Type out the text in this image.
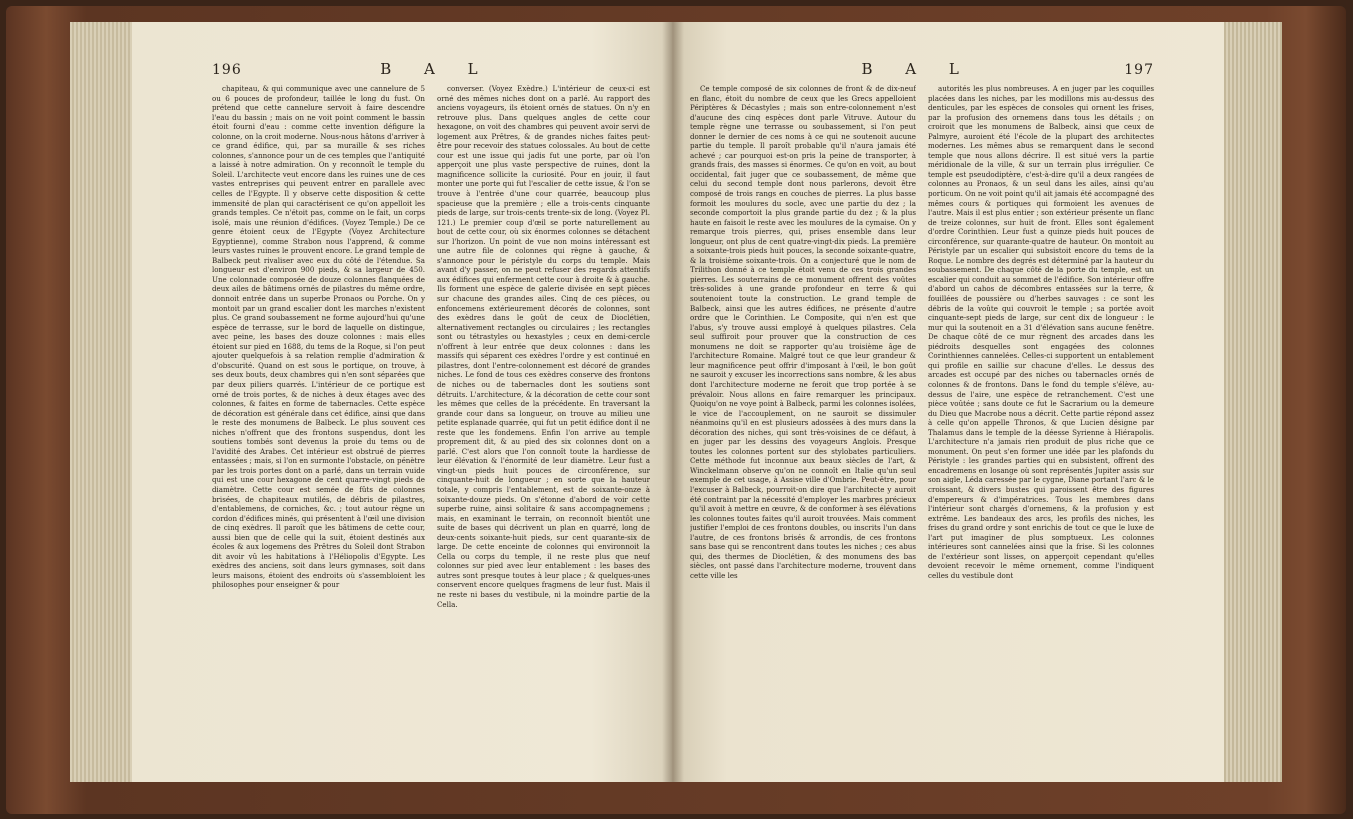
196	B A L

chapiteau, & qui communique avec une cannelure de 5 ou 6 pouces de profondeur, taillée le long du fust. On prétend que cette cannelure servoit à faire descendre l'eau du bassin ; mais on ne voit point comment le bassin étoit fourni d'eau : comme cette invention défigure la colonne, on la croit moderne. Nous-nous hâtons d'arriver à ce grand édifice, qui, par sa muraille & ses riches colonnes, s'annonce pour un de ces temples que l'antiquité a laissé à notre admiration. On y reconnoît le temple du Soleil. L'architecte veut encore dans les ruines une de ces vastes entreprises qui peuvent entrer en parallele avec celles de l'Egypte. Il y observe cette disposition & cette immensité de plan qui caractérisent ce qu'on appelloit les grands temples. Ce n'étoit pas, comme on le fait, un corps isolé, mais une réunion d'édifices. (Voyez Temple.) De ce genre étoient ceux de l'Egypte (Voyez Architecture Egyptienne), comme Strabon nous l'apprend, & comme leurs vastes ruines le prouvent encore. Le grand temple de Balbeck peut rivaliser avec eux du côté de l'étendue. Sa longueur est d'environ 900 pieds, & sa largeur de 450. Une colonnade composée de douze colonnes flanquées de deux ailes de bâtimens ornés de pilastres du même ordre, donnoit entrée dans un superbe Pronaos ou Porche. On y montoit par un grand escalier dont les marches n'existent plus. Ce grand soubassement ne forme aujourd'hui qu'une espèce de terrasse, sur le bord de laquelle on distingue, avec peine, les bases des douze colonnes : mais elles étoient sur pied en 1688, du tems de la Roque, si l'on peut ajouter quelquefois à sa relation remplie d'admiration & d'obscurité. Quand on est sous le portique, on trouve, à ses deux bouts, deux chambres qui n'en sont séparées que par deux piliers quarrés. L'intérieur de ce portique est orné de trois portes, & de niches à deux étages avec des colonnes, & faites en forme de tabernacles. Cette espèce de décoration est générale dans cet édifice, ainsi que dans le reste des monumens de Balbeck. Le plus souvent ces niches n'offrent que des frontons suspendus, dont les soutiens tombés sont devenus la proie du tems ou de l'avidité des Arabes. Cet intérieur est obstrué de pierres entassées ; mais, si l'on en surmonte l'obstacle, on pénètre par les trois portes dont on a parlé, dans un terrain vuide qui est une cour hexagone de cent quarre-vingt pieds de diamètre. Cette cour est semée de fûts de colonnes brisées, de chapiteaux mutilés, de débris de pilastres, d'entablemens, de corniches, &c. ; tout autour règne un cordon d'édifices minés, qui présentent à l'œil une division de cinq exèdres. Il paroît que les bâtimens de cette cour, aussi bien que de celle qui la suit, étoient destinés aux écoles & aux logemens des Prêtres du Soleil dont Strabon dit avoir vû les habitations à l'Héliopolis d'Egypte. Les exèdres des anciens, soit dans leurs gymnases, soit dans leurs maisons, étoient des endroits où s'assembloient les philosophes pour enseigner & pour

converser. (Voyez Exèdre.) L'intérieur de ceux-ci est orné des mêmes niches dont on a parlé. Au rapport des anciens voyageurs, ils étoient ornés de statues. On n'y en retrouve plus. Dans quelques angles de cette cour hexagone, on voit des chambres qui peuvent avoir servi de logement aux Prêtres, & de grandes niches faites peut-être pour recevoir des statues colossales. Au bout de cette cour est une issue qui jadis fut une porte, par où l'on apperçoit une plus vaste perspective de ruines, dont la magnificence sollicite la curiosité. Pour en jouir, il faut monter une porte qui fut l'escalier de cette issue, & l'on se trouve à l'entrée d'une cour quarrée, beaucoup plus spacieuse que la première ; elle a trois-cents cinquante pieds de large, sur trois-cents trente-six de long. (Voyez Pl. 121.) Le premier coup d'œil se porte naturellement au bout de cette cour, où six énormes colonnes se détachent sur l'horizon. Un point de vue non moins intéressant est une autre file de colonnes qui règne à gauche, & s'annonce pour le péristyle du corps du temple. Mais avant d'y passer, on ne peut refuser des regards attentifs aux édifices qui enferment cette cour à droite & à gauche. Ils forment une espèce de galerie divisée en sept pièces sur chacune des grandes ailes. Cinq de ces pièces, ou enfoncemens extérieurement décorés de colonnes, sont des exèdres dans le goût de ceux de Dioclétien, alternativement rectangles ou circulaires ; les rectangles sont ou tétrastyles ou hexastyles ; ceux en demi-cercle n'offrent à leur entrée que deux colonnes : dans les massifs qui séparent ces exèdres l'ordre y est continué en pilastres, dont l'entre-colonnement est décoré de grandes niches. Le fond de tous ces exèdres conserve des frontons de niches ou de tabernacles dont les soutiens sont détruits. L'architecture, & la décoration de cette cour sont les mêmes que celles de la précédente. En traversant la grande cour dans sa longueur, on trouve au milieu une petite esplanade quarrée, qui fut un petit édifice dont il ne reste que les fondemens. Enfin l'on arrive au temple proprement dit, & au pied des six colonnes dont on a parlé. C'est alors que l'on connoît toute la hardiesse de leur élévation & l'énormité de leur diamètre. Leur fust a vingt-un pieds huit pouces de circonférence, sur cinquante-huit de longueur ; en sorte que la hauteur totale, y compris l'entablement, est de soixante-onze à soixante-douze pieds. On s'étonne d'abord de voir cette superbe ruine, ainsi solitaire & sans accompagnemens ; mais, en examinant le terrain, on reconnoît bientôt une suite de bases qui décrivent un plan en quarré, long de deux-cents soixante-huit pieds, sur cent quarante-six de large. De cette enceinte de colonnes qui environnoit la Cella ou corps du temple, il ne reste plus que neuf colonnes sur pied avec leur entablement : les bases des autres sont presque toutes à leur place ; & quelques-unes conservent encore quelques fragmens de leur fust. Mais il ne reste ni bases du vestibule, ni la moindre partie de la Cella.

B A L	197

Ce temple composé de six colonnes de front & de dix-neuf en flanc, étoit du nombre de ceux que les Grecs appelloient Périptères & Décastyles ; mais son entre-colonnement n'est d'aucune des cinq espèces dont parle Vitruve. Autour du temple règne une terrasse ou soubassement, si l'on peut donner le dernier de ces noms à ce qui ne soutenoit aucune partie du temple. Il paroît probable qu'il n'aura jamais été achevé ; car pourquoi est-on pris la peine de transporter, à grands frais, des masses si énormes. Ce qu'on en voit, au bout occidental, fait juger que ce soubassement, de même que celui du second temple dont nous parlerons, devoit être composé de trois rangs en couches de pierres. La plus basse formoit les moulures du socle, avec une partie du dez ; la seconde comportoit la plus grande partie du dez ; & la plus haute en faisoit le reste avec les moulures de la cymaise. On y remarque trois pierres, qui, prises ensemble dans leur longueur, ont plus de cent quatre-vingt-dix pieds. La première a soixante-trois pieds huit pouces, la seconde soixante-quatre, & la troisième soixante-trois. On a conjecturé que le nom de Trilithon donné à ce temple étoit venu de ces trois grandes pierres. Les souterrains de ce monument offrent des voûtes très-solides à une grande profondeur en terre & qui soutenoient toute la construction. Le grand temple de Balbeck, ainsi que les autres édifices, ne présente d'autre ordre que le Corinthien. Le Composite, qui n'en est que l'abus, s'y trouve aussi employé à quelques pilastres. Cela seul suffiroit pour prouver que la construction de ces monumens ne doit se rapporter qu'au troisième âge de l'architecture Romaine. Malgré tout ce que leur grandeur & leur magnificence peut offrir d'imposant à l'œil, le bon goût ne sauroit y excuser les incorrections sans nombre, & les abus dont l'architecture moderne ne feroit que trop portée à se prévaloir. Nous allons en faire remarquer les principaux. Quoiqu'on ne voye point à Balbeck, parmi les colonnes isolées, le vice de l'accouplement, on ne sauroit se dissimuler néanmoins qu'il en est plusieurs adossées à des murs dans la décoration des niches, qui sont très-voisines de ce défaut, à en juger par les dessins des voyageurs Anglois. Presque toutes les colonnes portent sur des stylobates particuliers. Cette méthode fut inconnue aux beaux siècles de l'art, & Winckelmann observe qu'on ne connoît en Italie qu'un seul exemple de cet usage, à Assise ville d'Ombrie. Peut-être, pour l'excuser à Balbeck, pourroit-on dire que l'architecte y auroit été contraint par la nécessité d'employer les marbres précieux qu'il avoit à mettre en œuvre, & de conformer à ses élévations les colonnes toutes faites qu'il auroit trouvées. Mais comment justifier l'emploi de ces frontons doubles, ou inscrits l'un dans l'autre, de ces frontons brisés & arrondis, de ces frontons sans base qui se rencontrent dans toutes les niches ; ces abus qui, des thermes de Dioclétien, & des monumens des bas siècles, ont passé dans l'architecture moderne, trouvent dans cette ville les

autorités les plus nombreuses. A en juger par les coquilles placées dans les niches, par les modillons mis au-dessus des denticules, par les espèces de consoles qui ornent les frises, par la profusion des ornemens dans tous les détails ; on croiroit que les monumens de Balbeck, ainsi que ceux de Palmyre, auroient été l'école de la plupart des architectes modernes. Les mêmes abus se remarquent dans le second temple que nous allons décrire. Il est situé vers la partie méridionale de la ville, & sur un terrain plus irrégulier. Ce temple est pseudodiptère, c'est-à-dire qu'il a deux rangées de colonnes au Pronaos, & un seul dans les ailes, ainsi qu'au porticum. On ne voit point qu'il ait jamais été accompagné des mêmes cours & portiques qui formoient les avenues de l'autre. Mais il est plus entier ; son extérieur présente un flanc de treize colonnes, sur huit de front. Elles sont également d'ordre Corinthien. Leur fust a quinze pieds huit pouces de circonférence, sur quarante-quatre de hauteur. On montoit au Péristyle par un escalier qui subsistoit encore du tems de la Roque. Le nombre des degrés est déterminé par la hauteur du soubassement. De chaque côté de la porte du temple, est un escalier qui conduit au sommet de l'édifice. Son intérieur offre d'abord un cahos de décombres entassées sur la terre, & fouillées de poussière ou d'herbes sauvages : ce sont les débris de la voûte qui couvroit le temple ; sa portée avoit cinquante-sept pieds de large, sur cent dix de longueur : le mur qui la soutenoit en a 31 d'élévation sans aucune fenêtre. De chaque côté de ce mur règnent des arcades dans les piédroits desquelles sont engagées des colonnes Corinthiennes cannelées. Celles-ci supportent un entablement qui profile en saillie sur chacune d'elles. Le dessus des arcades est occupé par des niches ou tabernacles ornés de colonnes & de frontons. Dans le fond du temple s'élève, au-dessus de l'aire, une espèce de retranchement. C'est une pièce voûtée ; sans doute ce fut le Sacrarium ou la demeure du Dieu que Macrobe nous a décrit. Cette partie répond assez à celle qu'on appelle Thronos, & que Lucien désigne par Thalamus dans le temple de la déesse Syrienne à Hiérapolis. L'architecture n'a jamais rien produit de plus riche que ce monument. On peut s'en former une idée par les plafonds du Péristyle : les grandes parties qui en subsistent, offrent des encadremens en losange où sont représentés Jupiter assis sur son aigle, Léda caressée par le cygne, Diane portant l'arc & le croissant, & divers bustes qui paroissent être des figures d'empereurs & d'impératrices. Tous les membres dans l'intérieur sont chargés d'ornemens, & la profusion y est extrême. Les bandeaux des arcs, les profils des niches, les frises du grand ordre y sont enrichis de tout ce que le luxe de l'art put imaginer de plus somptueux. Les colonnes intérieures sont cannelées ainsi que la frise. Si les colonnes de l'extérieur sont lisses, on apperçoit cependant qu'elles devoient recevoir le même ornement, comme l'indiquent celles du vestibule dont
